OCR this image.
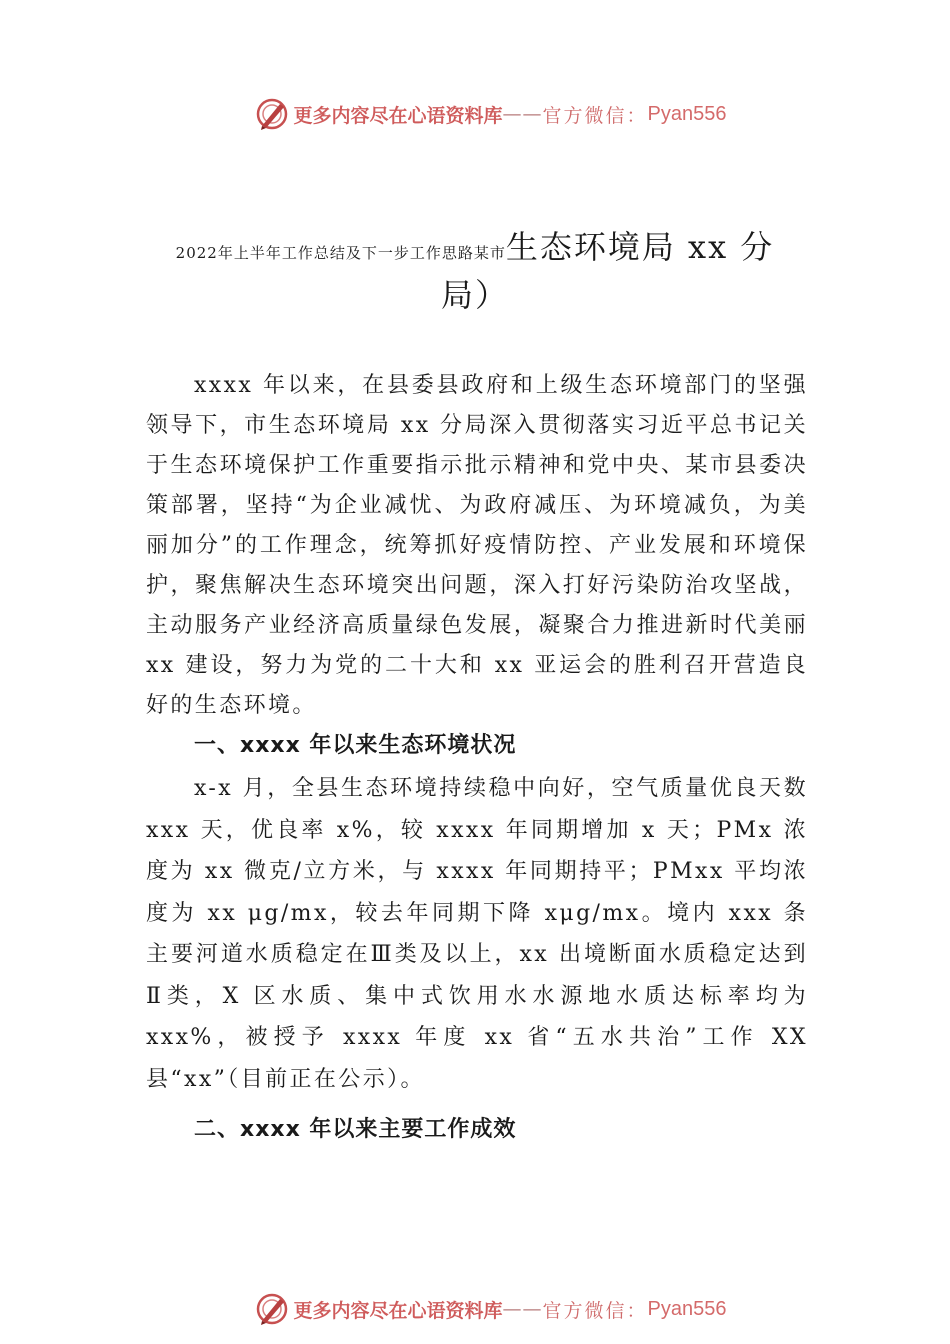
更多内容尽在心语资料库 —— 官方微信： Pyan556
2022年上半年工作总结及下一步工作思路某市生态环境局 xx 分
局）

xxxx 年以来，在县委县政府和上级生态环境部门的坚强领导下，市生态环境局 xx 分局深入贯彻落实习近平总书记关于生态环境保护工作重要指示批示精神和党中央、某市县委决策部署，坚持“为企业减忧、为政府减压、为环境减负，为美丽加分”的工作理念，统筹抓好疫情防控、产业发展和环境保护，聚焦解决生态环境突出问题，深入打好污染防治攻坚战，主动服务产业经济高质量绿色发展，凝聚合力推进新时代美丽 xx 建设，努力为党的二十大和 xx 亚运会的胜利召开营造良好的生态环境。

一、xxxx 年以来生态环境状况

x-x 月，全县生态环境持续稳中向好，空气质量优良天数 xxx 天，优良率 x%，较 xxxx 年同期增加 x 天；PMx 浓度为 xx 微克/立方米，与 xxxx 年同期持平；PMxx 平均浓度为 xx μg/mx，较去年同期下降 xμg/mx。境内 xxx 条主要河道水质稳定在Ⅲ类及以上，xx 出境断面水质稳定达到Ⅱ类，X 区水质、集中式饮用水水源地水质达标率均为 xxx%，被授予 xxxx 年度 xx 省“五水共治”工作 XX 县“xx”（目前正在公示）。

二、xxxx 年以来主要工作成效

更多内容尽在心语资料库 —— 官方微信： Pyan556
